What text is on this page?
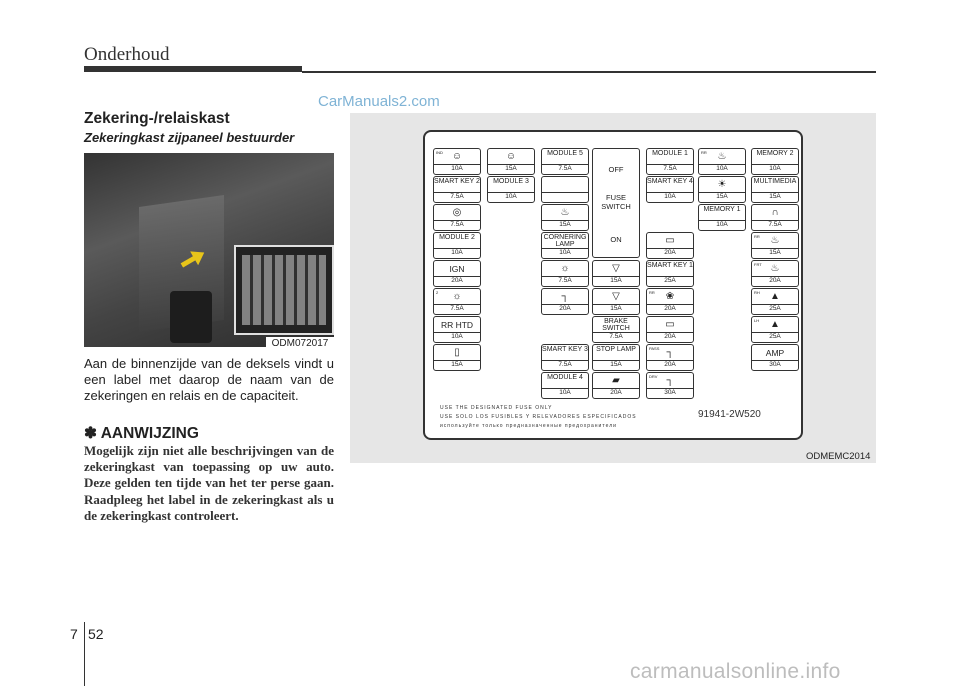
Onderhoud
CarManuals2.com
Zekering-/relaiskast
Zekeringkast zijpaneel bestuurder
ODM072017
Aan de binnenzijde van de deksels vindt u een label met daarop de naam van de zekeringen en relais en de capaciteit.
✽ AANWIJZING
Mogelijk zijn niet alle beschrijvingen van de zekeringkast van toepassing op uw auto. Deze gelden ten tijde van het ter perse gaan. Raadpleeg het label in de zekeringkast als u de zekeringkast controleert.
IND ☺
10A
☺
15A
MODULE 5
7.5A
MODULE 1
7.5A
RR ♨
10A
MEMORY 2
10A
SMART KEY 2
7.5A
MODULE 3
10A
SMART KEY 4
10A
☀
15A
MULTIMEDIA
15A
◎
7.5A
♨
15A
MEMORY 1
10A
∩
7.5A
MODULE 2
10A
CORNERING LAMP
10A
▭
20A
RR ♨
15A
IGN
20A
☼
7.5A
▽
15A
SMART KEY 1
25A
FRT ♨
20A
2 ☼
7.5A
┐
20A
▽
15A
RR ❀
20A
RH ▲
25A
RR HTD
10A
BRAKE SWITCH
7.5A
▭
20A
LH ▲
25A
▯
15A
SMART KEY 3
7.5A
STOP LAMP
15A
PASS ┐
20A
AMP
30A
MODULE 4
10A
▰
20A
DRV ┐
30A
OFF
FUSE
SWITCH
ON
USE THE DESIGNATED FUSE ONLY
USE SOLO LOS FUSIBLES Y RELEVADORES ESPECIFICADOS
используйте только предназначенные предохранители
91941-2W520
ODMEMC2014
7 52
carmanualsonline.info
